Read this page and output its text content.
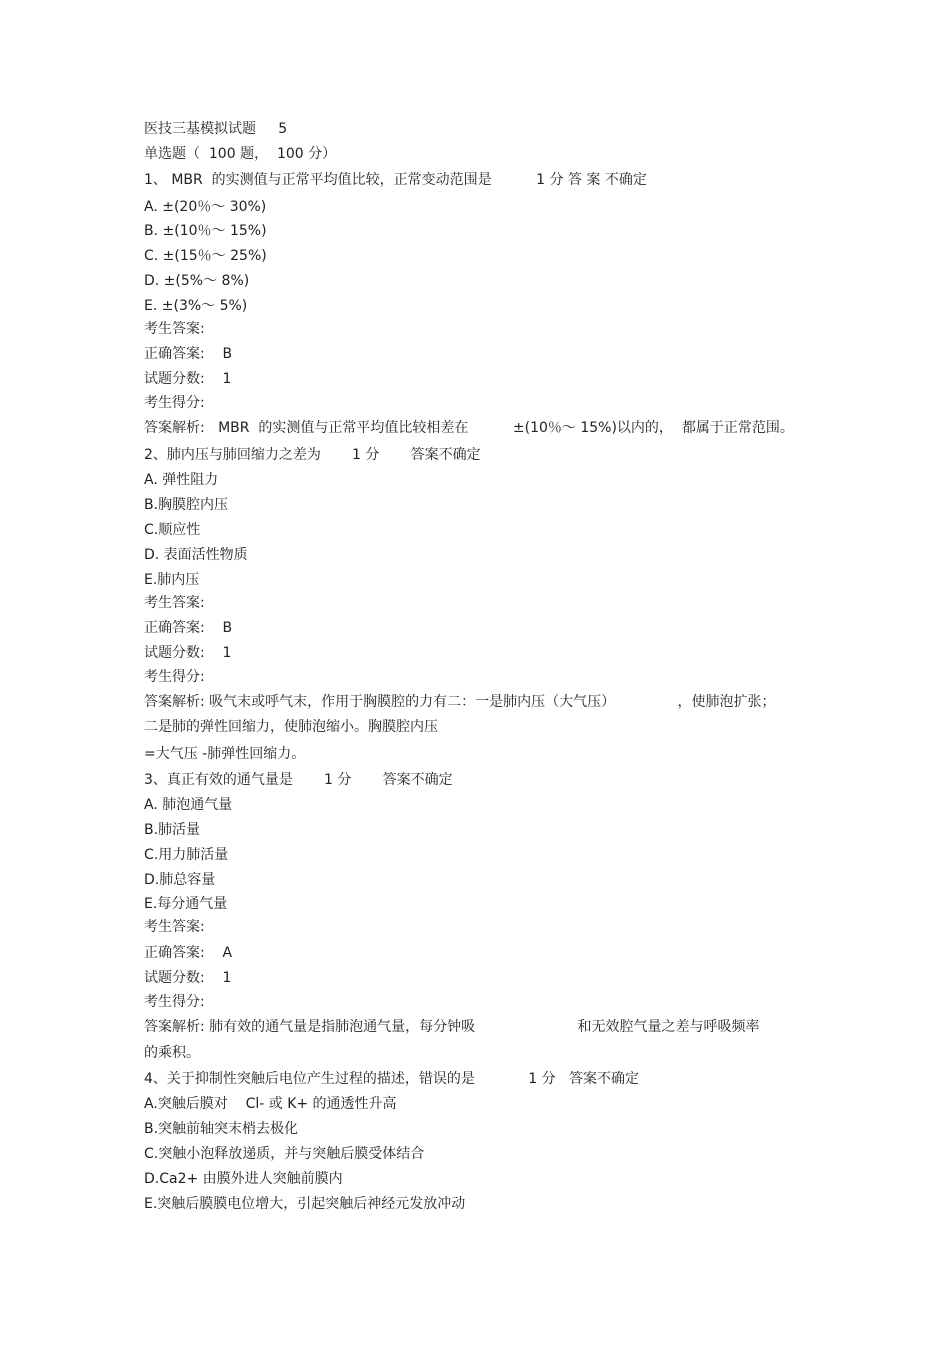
医技三基模拟试题     5
单选题（  100 题，  100 分）
1、 MBR  的实测值与正常平均值比较，正常变动范围是          1 分 答 案 不确定
A. ±(20％～ 30%)
B. ±(10％～ 15%)
C. ±(15％～ 25%)
D. ±(5%～ 8%)
E. ±(3%～ 5%)
考生答案:
正确答案:    B
试题分数:    1
考生得分:
答案解析:   MBR  的实测值与正常平均值比较相差在          ±(10％～ 15%)以内的，  都属于正常范围。
2、肺内压与肺回缩力之差为       1 分       答案不确定
A. 弹性阻力
B.胸膜腔内压
C.顺应性
D. 表面活性物质
E.肺内压
考生答案:
正确答案:    B
试题分数:    1
考生得分:
答案解析: 吸气末或呼气末，作用于胸膜腔的力有二：一是肺内压（大气压）              ，使肺泡扩张；
二是肺的弹性回缩力，使肺泡缩小。胸膜腔内压
=大气压 -肺弹性回缩力。
3、真正有效的通气量是       1 分       答案不确定
A. 肺泡通气量
B.肺活量
C.用力肺活量
D.肺总容量
E.每分通气量
考生答案:
正确答案:    A
试题分数:    1
考生得分:
答案解析: 肺有效的通气量是指肺泡通气量，每分钟吸                       和无效腔气量之差与呼吸频率
的乘积。
4、关于抑制性突触后电位产生过程的描述，错误的是            1 分   答案不确定
A.突触后膜对    Cl- 或 K+ 的通透性升高
B.突触前轴突末梢去极化
C.突触小泡释放递质，并与突触后膜受体结合
D.Ca2+ 由膜外进人突触前膜内
E.突触后膜膜电位增大，引起突触后神经元发放冲动
